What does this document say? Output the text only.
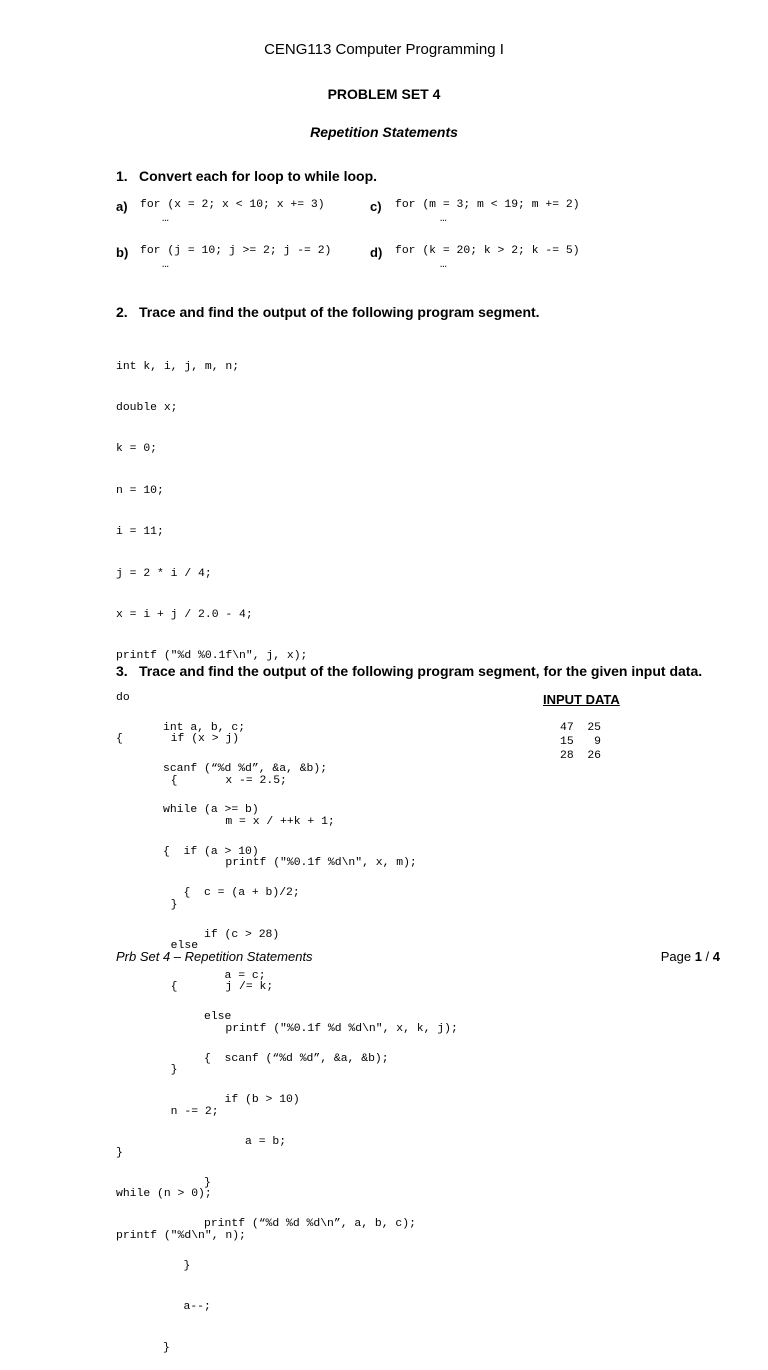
CENG113 Computer Programming I
PROBLEM SET 4
Repetition Statements
1. Convert each for loop to while loop.
a) for (x = 2; x < 10; x += 3)
…
c) for (m = 3; m < 19; m += 2)
…
b) for (j = 10; j >= 2; j -= 2)
…
d) for (k = 20; k > 2; k -= 5)
…
2. Trace and find the output of the following program segment.

int k, i, j, m, n;

double x;

k = 0;

n = 10;

i = 11;

j = 2 * i / 4;

x = i + j / 2.0 - 4;

printf ("%d %0.1f\n", j, x);

do

{       if (x > j)

{       x -= 2.5;

m = x / ++k + 1;

printf ("%0.1f %d\n", x, m);

}

else

{       j /= k;

printf ("%0.1f %d %d\n", x, k, j);

}

n -= 2;

}

while (n > 0);

printf ("%d\n", n);

3. Trace and find the output of the following program segment, for the given input data.

int a, b, c;

scanf (“%d %d”, &a, &b);

while (a >= b)

{  if (a > 10)

{  c = (a + b)/2;

if (c > 28)

a = c;

else

{  scanf (“%d %d”, &a, &b);

if (b > 10)

a = b;

}

printf (“%d %d %d\n”, a, b, c);

}

a--;

}

INPUT DATA
47  25
15   9
28  26
Prb Set 4 – Repetition Statements	Page 1 / 4
